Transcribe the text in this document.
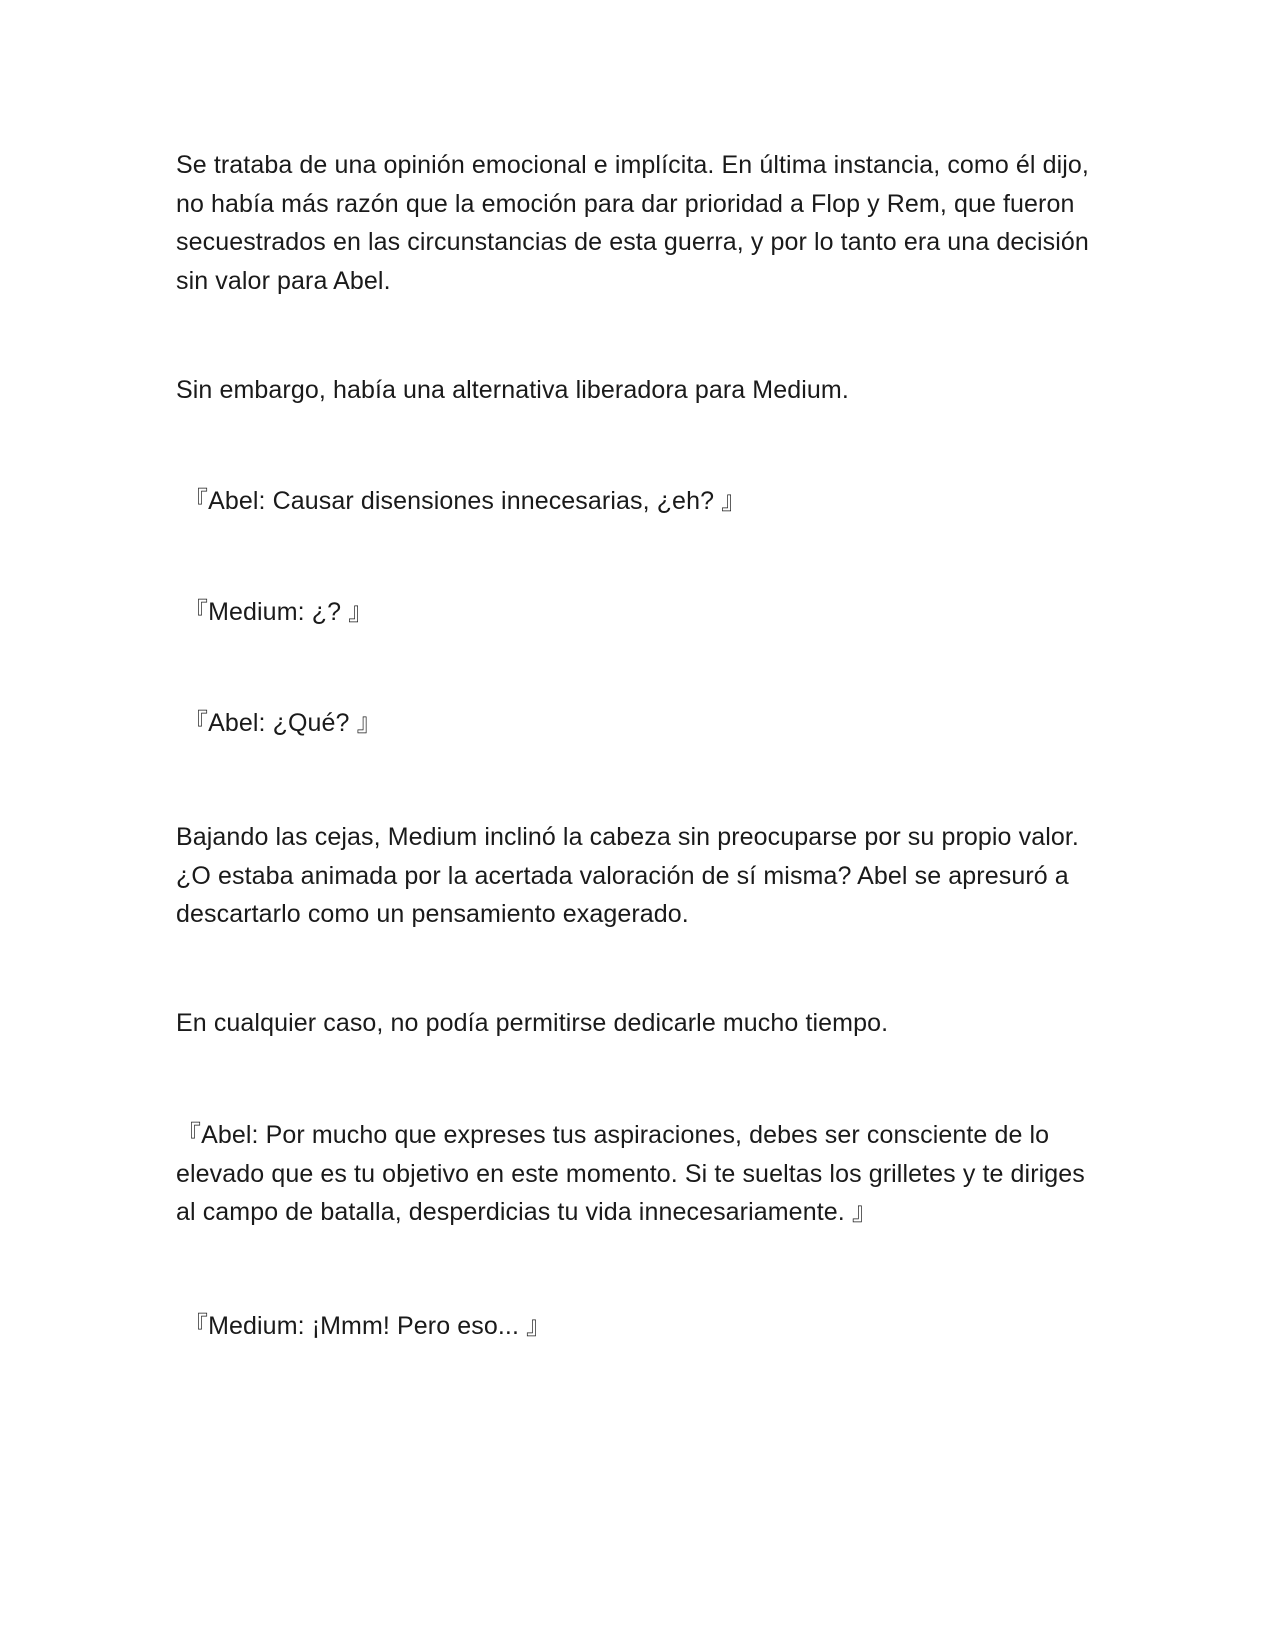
Se trataba de una opinión emocional e implícita. En última instancia, como él dijo, no había más razón que la emoción para dar prioridad a Flop y Rem, que fueron secuestrados en las circunstancias de esta guerra, y por lo tanto era una decisión sin valor para Abel.

Sin embargo, había una alternativa liberadora para Medium.

『Abel: Causar disensiones innecesarias, ¿eh? 』

『Medium: ¿? 』

『Abel: ¿Qué? 』

Bajando las cejas, Medium inclinó la cabeza sin preocuparse por su propio valor. ¿O estaba animada por la acertada valoración de sí misma? Abel se apresuró a descartarlo como un pensamiento exagerado.

En cualquier caso, no podía permitirse dedicarle mucho tiempo.

『Abel: Por mucho que expreses tus aspiraciones, debes ser consciente de lo elevado que es tu objetivo en este momento. Si te sueltas los grilletes y te diriges al campo de batalla, desperdicias tu vida innecesariamente. 』

『Medium: ¡Mmm! Pero eso... 』
